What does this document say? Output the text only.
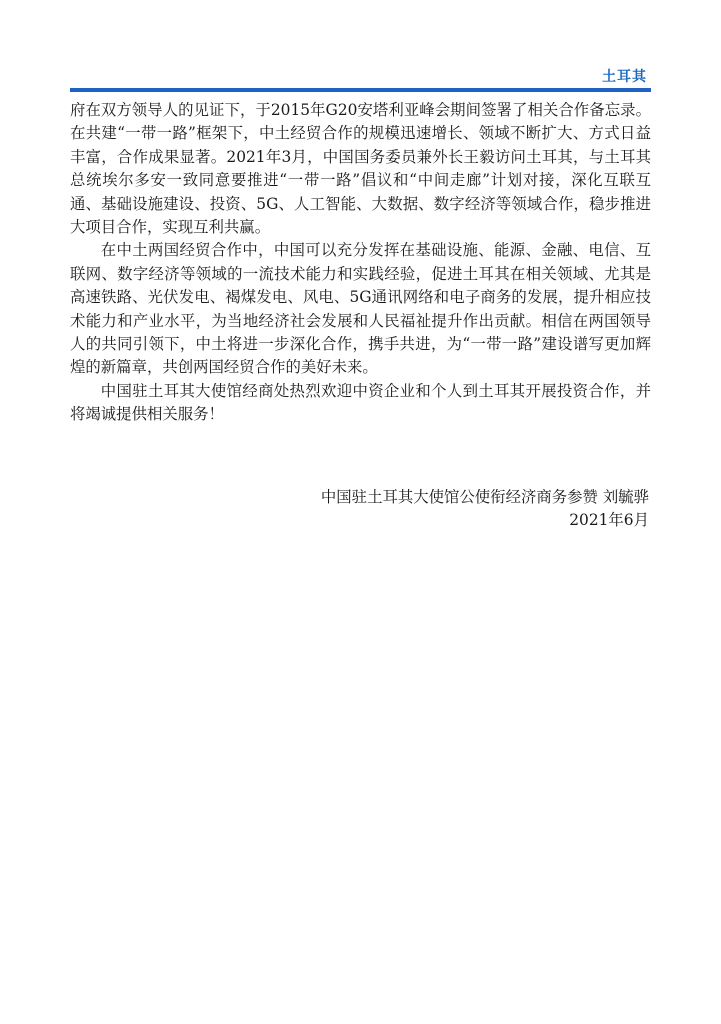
土耳其

府在双方领导人的见证下，于2015年G20安塔利亚峰会期间签署了相关合作备忘录。在共建“一带一路”框架下，中土经贸合作的规模迅速增长、领域不断扩大、方式日益丰富，合作成果显著。2021年3月，中国国务委员兼外长王毅访问土耳其，与土耳其总统埃尔多安一致同意要推进“一带一路”倡议和“中间走廊”计划对接，深化互联互通、基础设施建设、投资、5G、人工智能、大数据、数字经济等领域合作，稳步推进大项目合作，实现互利共赢。

在中土两国经贸合作中，中国可以充分发挥在基础设施、能源、金融、电信、互联网、数字经济等领域的一流技术能力和实践经验，促进土耳其在相关领域、尤其是高速铁路、光伏发电、褐煤发电、风电、5G通讯网络和电子商务的发展，提升相应技术能力和产业水平，为当地经济社会发展和人民福祉提升作出贡献。相信在两国领导人的共同引领下，中土将进一步深化合作，携手共进，为“一带一路”建设谱写更加辉煌的新篇章，共创两国经贸合作的美好未来。

中国驻土耳其大使馆经商处热烈欢迎中资企业和个人到土耳其开展投资合作，并将竭诚提供相关服务！

中国驻土耳其大使馆公使衔经济商务参赞 刘毓骅
2021年6月
